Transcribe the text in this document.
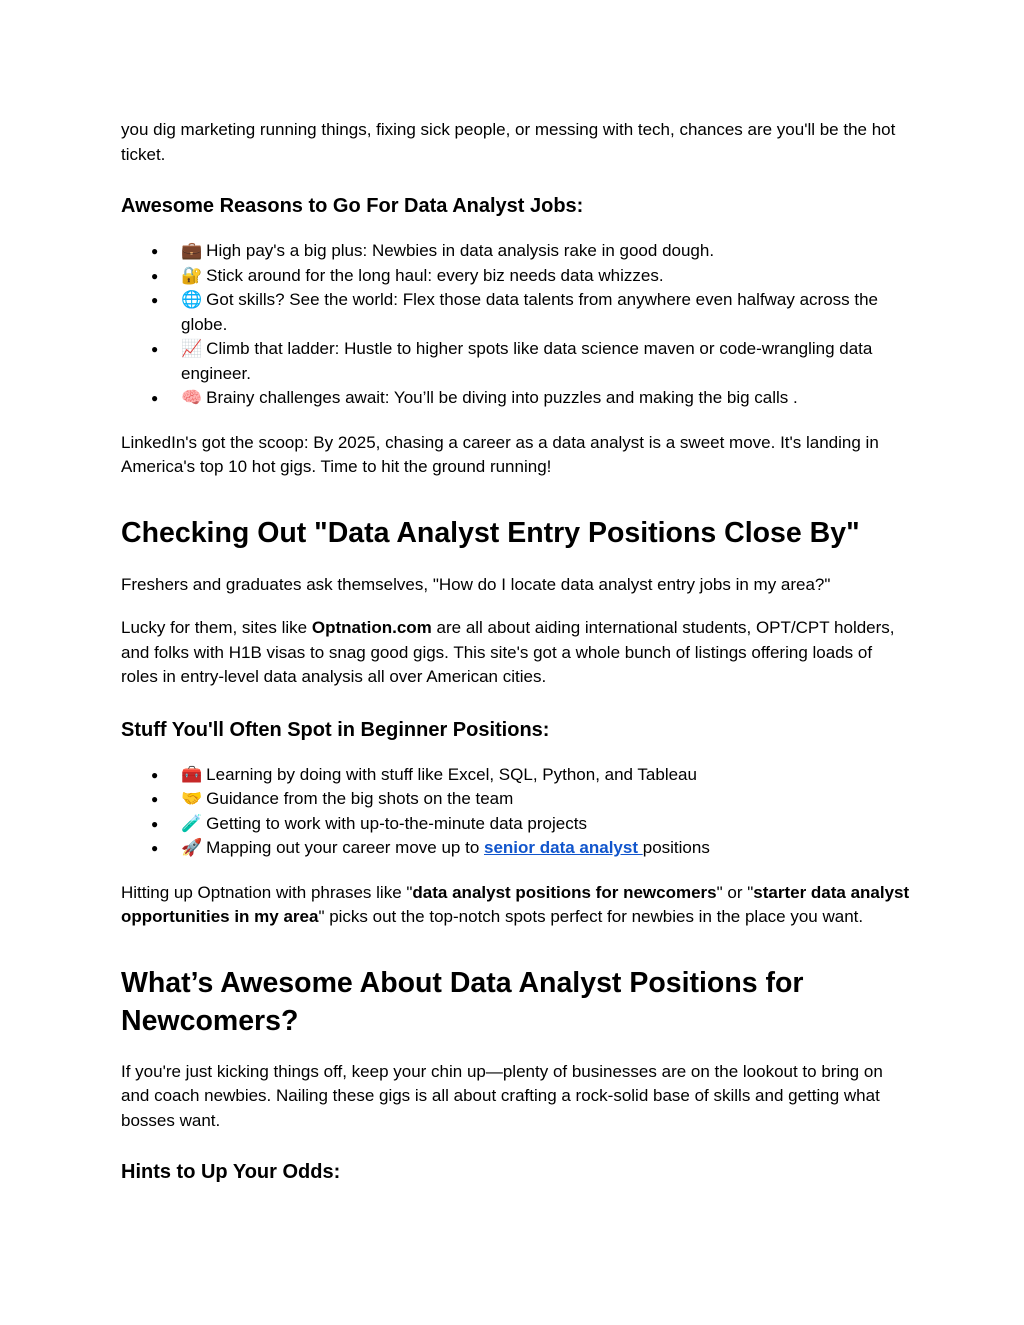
you dig marketing running things, fixing sick people, or messing with tech, chances are you'll be the hot ticket.

Awesome Reasons to Go For Data Analyst Jobs:
● 💼 High pay's a big plus: Newbies in data analysis rake in good dough.
● 🔐 Stick around for the long haul: every biz needs data whizzes.
● 🌐 Got skills? See the world: Flex those data talents from anywhere even halfway across the globe.
● 📈 Climb that ladder: Hustle to higher spots like data science maven or code-wrangling data engineer.
● 🧠 Brainy challenges await: You’ll be diving into puzzles and making the big calls .

LinkedIn's got the scoop: By 2025, chasing a career as a data analyst is a sweet move. It's landing in America's top 10 hot gigs. Time to hit the ground running!

Checking Out "Data Analyst Entry Positions Close By"

Freshers and graduates ask themselves, "How do I locate data analyst entry jobs in my area?"

Lucky for them, sites like Optnation.com are all about aiding international students, OPT/CPT holders, and folks with H1B visas to snag good gigs. This site's got a whole bunch of listings offering loads of roles in entry-level data analysis all over American cities.

Stuff You'll Often Spot in Beginner Positions:
● 🧰 Learning by doing with stuff like Excel, SQL, Python, and Tableau
● 🤝 Guidance from the big shots on the team
● 🧪 Getting to work with up-to-the-minute data projects
● 🚀 Mapping out your career move up to senior data analyst positions

Hitting up Optnation with phrases like "data analyst positions for newcomers" or "starter data analyst opportunities in my area" picks out the top-notch spots perfect for newbies in the place you want.

What’s Awesome About Data Analyst Positions for Newcomers?

If you're just kicking things off, keep your chin up—plenty of businesses are on the lookout to bring on and coach newbies. Nailing these gigs is all about crafting a rock-solid base of skills and getting what bosses want.

Hints to Up Your Odds:
